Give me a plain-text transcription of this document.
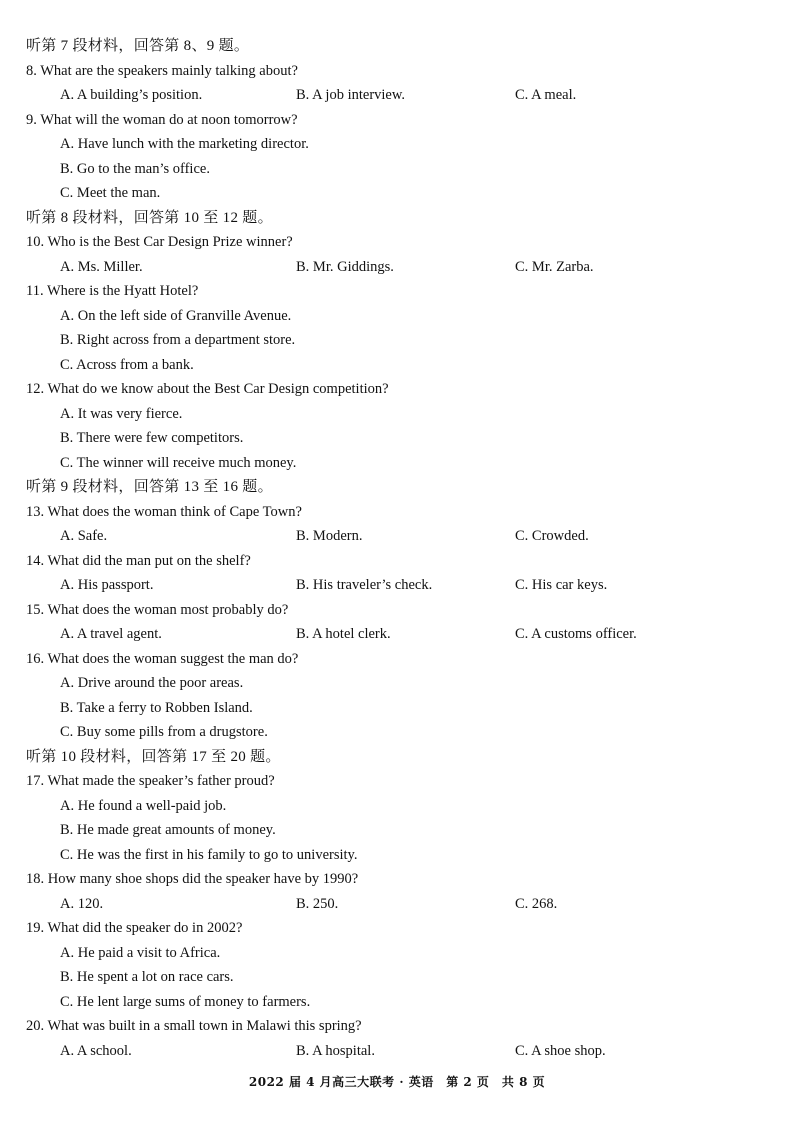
听第 7 段材料，回答第 8、9 题。
8. What are the speakers mainly talking about?
A. A building’s position.	B. A job interview.	C. A meal.
9. What will the woman do at noon tomorrow?
A. Have lunch with the marketing director.
B. Go to the man’s office.
C. Meet the man.
听第 8 段材料，回答第 10 至 12 题。
10. Who is the Best Car Design Prize winner?
A. Ms. Miller.	B. Mr. Giddings.	C. Mr. Zarba.
11. Where is the Hyatt Hotel?
A. On the left side of Granville Avenue.
B. Right across from a department store.
C. Across from a bank.
12. What do we know about the Best Car Design competition?
A. It was very fierce.
B. There were few competitors.
C. The winner will receive much money.
听第 9 段材料，回答第 13 至 16 题。
13. What does the woman think of Cape Town?
A. Safe.	B. Modern.	C. Crowded.
14. What did the man put on the shelf?
A. His passport.	B. His traveler’s check.	C. His car keys.
15. What does the woman most probably do?
A. A travel agent.	B. A hotel clerk.	C. A customs officer.
16. What does the woman suggest the man do?
A. Drive around the poor areas.
B. Take a ferry to Robben Island.
C. Buy some pills from a drugstore.
听第 10 段材料，回答第 17 至 20 题。
17. What made the speaker’s father proud?
A. He found a well-paid job.
B. He made great amounts of money.
C. He was the first in his family to go to university.
18. How many shoe shops did the speaker have by 1990?
A. 120.	B. 250.	C. 268.
19. What did the speaker do in 2002?
A. He paid a visit to Africa.
B. He spent a lot on race cars.
C. He lent large sums of money to farmers.
20. What was built in a small town in Malawi this spring?
A. A school.	B. A hospital.	C. A shoe shop.
2022 届 4 月高三大联考 · 英语　第 2 页　共 8 页
